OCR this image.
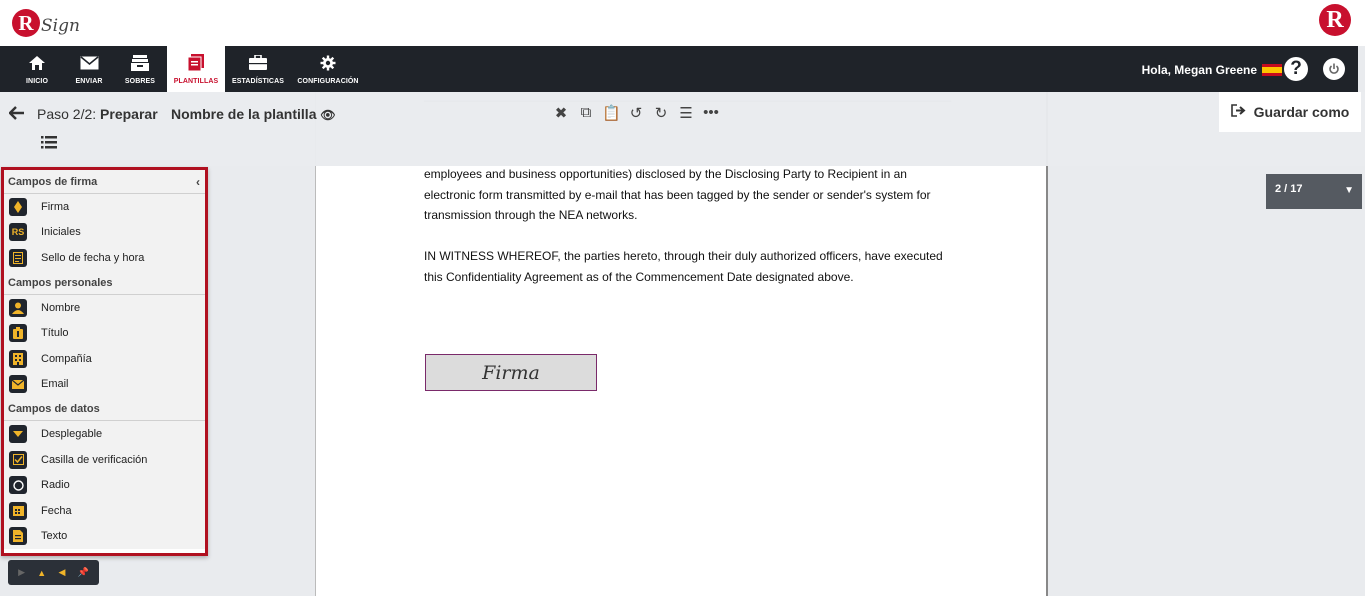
R Sign	R
INICIO	ENVIAR	SOBRES	PLANTILLAS ESTADÍSTICAS CONFIGURACIÓN
Hola, Megan Greene	?

employees and business opportunities) disclosed by the Disclosing Party to Recipient in an electronic form transmitted by e-mail that has been tagged by the sender or sender's system for transmission through the NEA networks.

IN WITNESS WHEREOF, the parties hereto, through their duly authorized officers, have executed this Confidentiality Agreement as of the Commencement Date designated above.

Firma
Paso 2/2: Preparar Nombre de la plantilla 👁	✖ ⧉ 📋 ↺ ↻ ☰ •••	Guardar como
2 / 17	▼
Campos de firma	‹
Firma
RS Iniciales
Sello de fecha y hora
Campos personales
Nombre
Título
Compañía
Email
Campos de datos
Desplegable
Casilla de verificación
Radio
Fecha
Texto
▶ ▲ ◀ 📌
